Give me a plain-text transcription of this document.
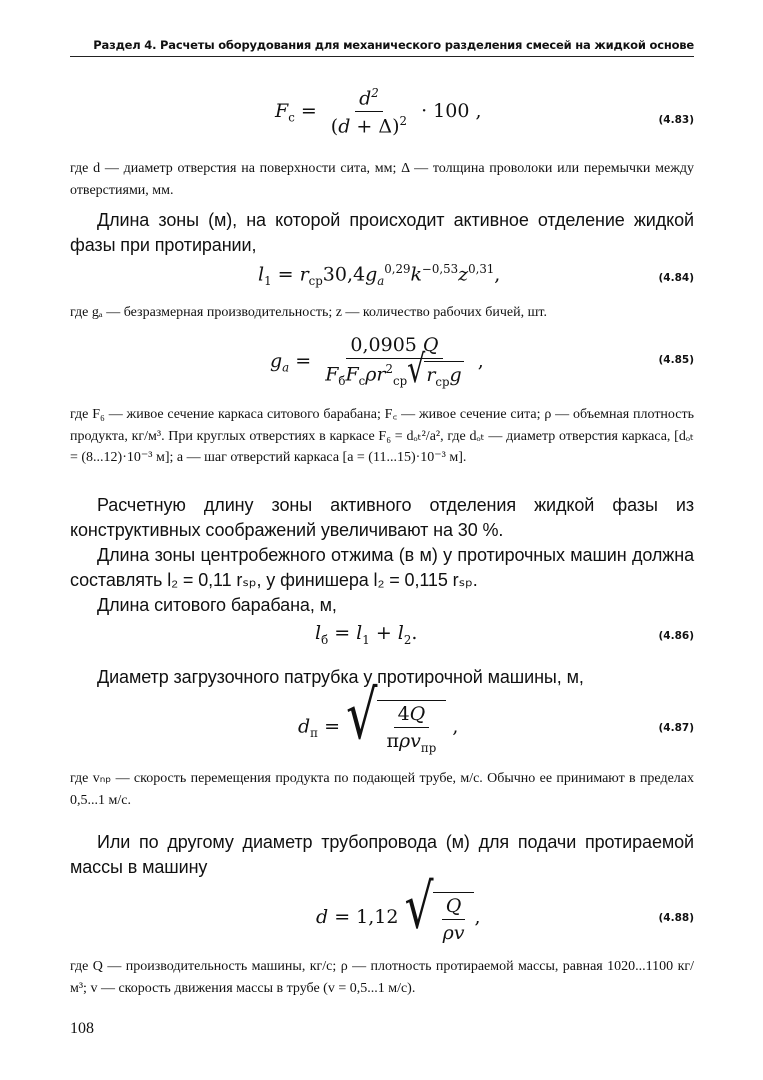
Раздел 4. Расчеты оборудования для механического разделения смесей на жидкой основе
$F_с = \frac{d^2}{(d + \Delta)^2} \cdot 100$ ,	(4.83)
где d — диаметр отверстия на поверхности сита, мм; Δ — толщина проволоки или перемычки между отверстиями, мм.
Длина зоны (м), на которой происходит активное отделение жидкой фазы при протирании,
$l_1 = r_{ср}30,4g_a^{0,29}k^{-0,53}z^{0,31}$,	(4.84)
где gₐ — безразмерная производительность; z — количество рабочих бичей, шт.
$g_a = \frac{0,0905 Q}{F_бF_с\rho r^2_{ср} √ r_{ср}g}$ ,	(4.85)
где F₆ — живое сечение каркаса ситового барабана; F꜀ — живое сечение сита; ρ — объемная плотность продукта, кг/м³. При круглых отверстиях в каркасе F₆ = dₒₜ²/a², где dₒₜ — диаметр отверстия каркаса, [dₒₜ = (8...12)·10⁻³ м]; a — шаг отверстий каркаса [a = (11...15)·10⁻³ м].
Расчетную длину зоны активного отделения жидкой фазы из конструктивных соображений увеличивают на 30 %.
Длина зоны центробежного отжима (в м) у протирочных машин должна составлять l₂ = 0,11 rₛₚ, у финишера l₂ = 0,115 rₛₚ.
Длина ситового барабана, м,
$l_б = l_1 + l_2$.	(4.86)
Диаметр загрузочного патрубка у протирочной машины, м,
$d_п$ = √ $\frac{4Q}{\pi\rho v_{пр}}$ ,	(4.87)
где vₙₚ — скорость перемещения продукта по подающей трубе, м/с. Обычно ее принимают в пределах 0,5...1 м/с.
Или по другому диаметр трубопровода (м) для подачи протираемой массы в машину
d = 1,12 √ $\frac{Q}{\rho v}$ ,	(4.88)
где Q — производительность машины, кг/с; ρ — плотность протираемой массы, равная 1020...1100 кг/м³; v — скорость движения массы в трубе (v = 0,5...1 м/с).
108
